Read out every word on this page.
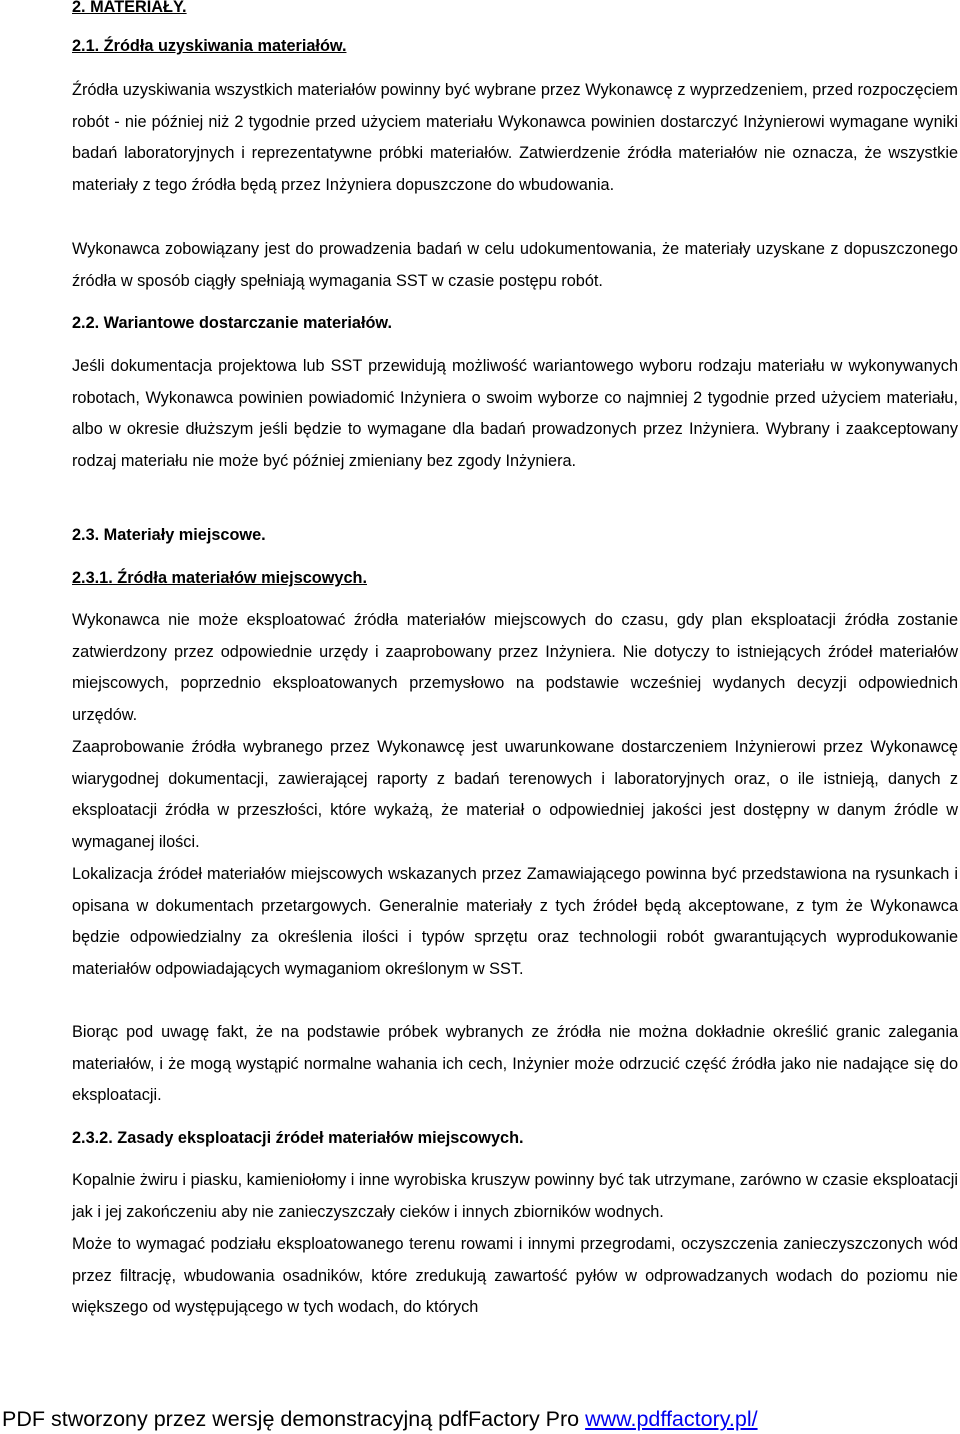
2. MATERIAŁY.

2.1. Źródła uzyskiwania materiałów.

Źródła uzyskiwania wszystkich materiałów powinny być wybrane przez Wykonawcę z wyprzedzeniem, przed rozpoczęciem robót - nie później niż 2 tygodnie przed użyciem materiału Wykonawca powinien dostarczyć Inżynierowi wymagane wyniki badań laboratoryjnych i reprezentatywne próbki materiałów. Zatwierdzenie źródła materiałów nie oznacza, że wszystkie materiały z tego źródła będą przez Inżyniera dopuszczone do wbudowania.

Wykonawca zobowiązany jest do prowadzenia badań w celu udokumentowania, że materiały uzyskane z dopuszczonego źródła w sposób ciągły spełniają wymagania SST w czasie postępu robót.

2.2. Wariantowe dostarczanie materiałów.

Jeśli dokumentacja projektowa lub SST przewidują możliwość wariantowego wyboru rodzaju materiału w wykonywanych robotach, Wykonawca powinien powiadomić Inżyniera o swoim wyborze co najmniej 2 tygodnie przed użyciem materiału, albo w okresie dłuższym jeśli będzie to wymagane dla badań prowadzonych przez Inżyniera. Wybrany i zaakceptowany rodzaj materiału nie może być później zmieniany bez zgody Inżyniera.

2.3. Materiały miejscowe.

2.3.1. Źródła materiałów miejscowych.

Wykonawca nie może eksploatować źródła materiałów miejscowych do czasu, gdy plan eksploatacji źródła zostanie zatwierdzony przez odpowiednie urzędy i zaaprobowany przez Inżyniera. Nie dotyczy to istniejących źródeł materiałów miejscowych, poprzednio eksploatowanych przemysłowo na podstawie wcześniej wydanych decyzji odpowiednich urzędów.

Zaaprobowanie źródła wybranego przez Wykonawcę jest uwarunkowane dostarczeniem Inżynierowi przez Wykonawcę wiarygodnej dokumentacji, zawierającej raporty z badań terenowych i laboratoryjnych oraz, o ile istnieją, danych z eksploatacji źródła w przeszłości, które wykażą, że materiał o odpowiedniej jakości jest dostępny w danym źródle w wymaganej ilości.

Lokalizacja źródeł materiałów miejscowych wskazanych przez Zamawiającego powinna być przedstawiona na rysunkach i opisana w dokumentach przetargowych. Generalnie materiały z tych źródeł będą akceptowane, z tym że Wykonawca będzie odpowiedzialny za określenia ilości i typów sprzętu oraz technologii robót gwarantujących wyprodukowanie materiałów odpowiadających wymaganiom określonym w SST.

Biorąc pod uwagę fakt, że na podstawie próbek wybranych ze źródła nie można dokładnie określić granic zalegania materiałów, i że mogą wystąpić normalne wahania ich cech, Inżynier może odrzucić część źródła jako nie nadające się do eksploatacji.

2.3.2. Zasady eksploatacji źródeł materiałów miejscowych.

Kopalnie żwiru i piasku, kamieniołomy i inne wyrobiska kruszyw powinny być tak utrzymane, zarówno w czasie eksploatacji jak i jej zakończeniu aby nie zanieczyszczały cieków i innych zbiorników wodnych.

Może to wymagać podziału eksploatowanego terenu rowami i innymi przegrodami, oczyszczenia zanieczyszczonych wód przez filtrację, wbudowania osadników, które zredukują zawartość pyłów w odprowadzanych wodach do poziomu nie większego od występującego w tych wodach, do których

PDF stworzony przez wersję demonstracyjną pdfFactory Pro www.pdffactory.pl/
